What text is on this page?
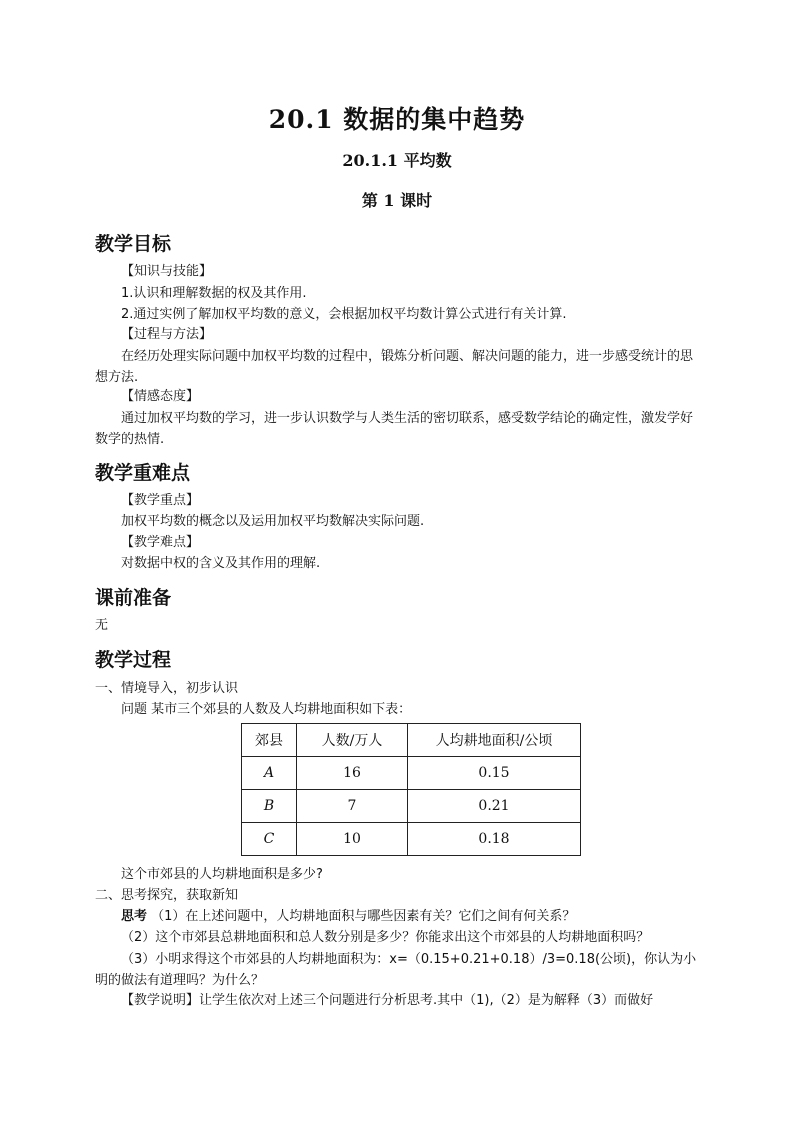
20.1 数据的集中趋势
20.1.1 平均数
第 1 课时
教学目标
【知识与技能】
1.认识和理解数据的权及其作用.
2.通过实例了解加权平均数的意义，会根据加权平均数计算公式进行有关计算.
【过程与方法】
在经历处理实际问题中加权平均数的过程中，锻炼分析问题、解决问题的能力，进一步感受统计的思想方法.
【情感态度】
通过加权平均数的学习，进一步认识数学与人类生活的密切联系，感受数学结论的确定性，激发学好数学的热情.
教学重难点
【教学重点】
加权平均数的概念以及运用加权平均数解决实际问题.
【教学难点】
对数据中权的含义及其作用的理解.
课前准备
无
教学过程
一、情境导入，初步认识
问题 某市三个郊县的人数及人均耕地面积如下表：
郊县	人数/万人	人均耕地面积/公顷
A	16	0.15
B	7	0.21
C	10	0.18
这个市郊县的人均耕地面积是多少?
二、思考探究，获取新知
思考 （1）在上述问题中，人均耕地面积与哪些因素有关？它们之间有何关系？
（2）这个市郊县总耕地面积和总人数分别是多少？你能求出这个市郊县的人均耕地面积吗？
（3）小明求得这个市郊县的人均耕地面积为：x=（0.15+0.21+0.18）/3=0.18(公顷)，你认为小明的做法有道理吗？为什么？
【教学说明】让学生依次对上述三个问题进行分析思考.其中（1),（2）是为解释（3）而做好
